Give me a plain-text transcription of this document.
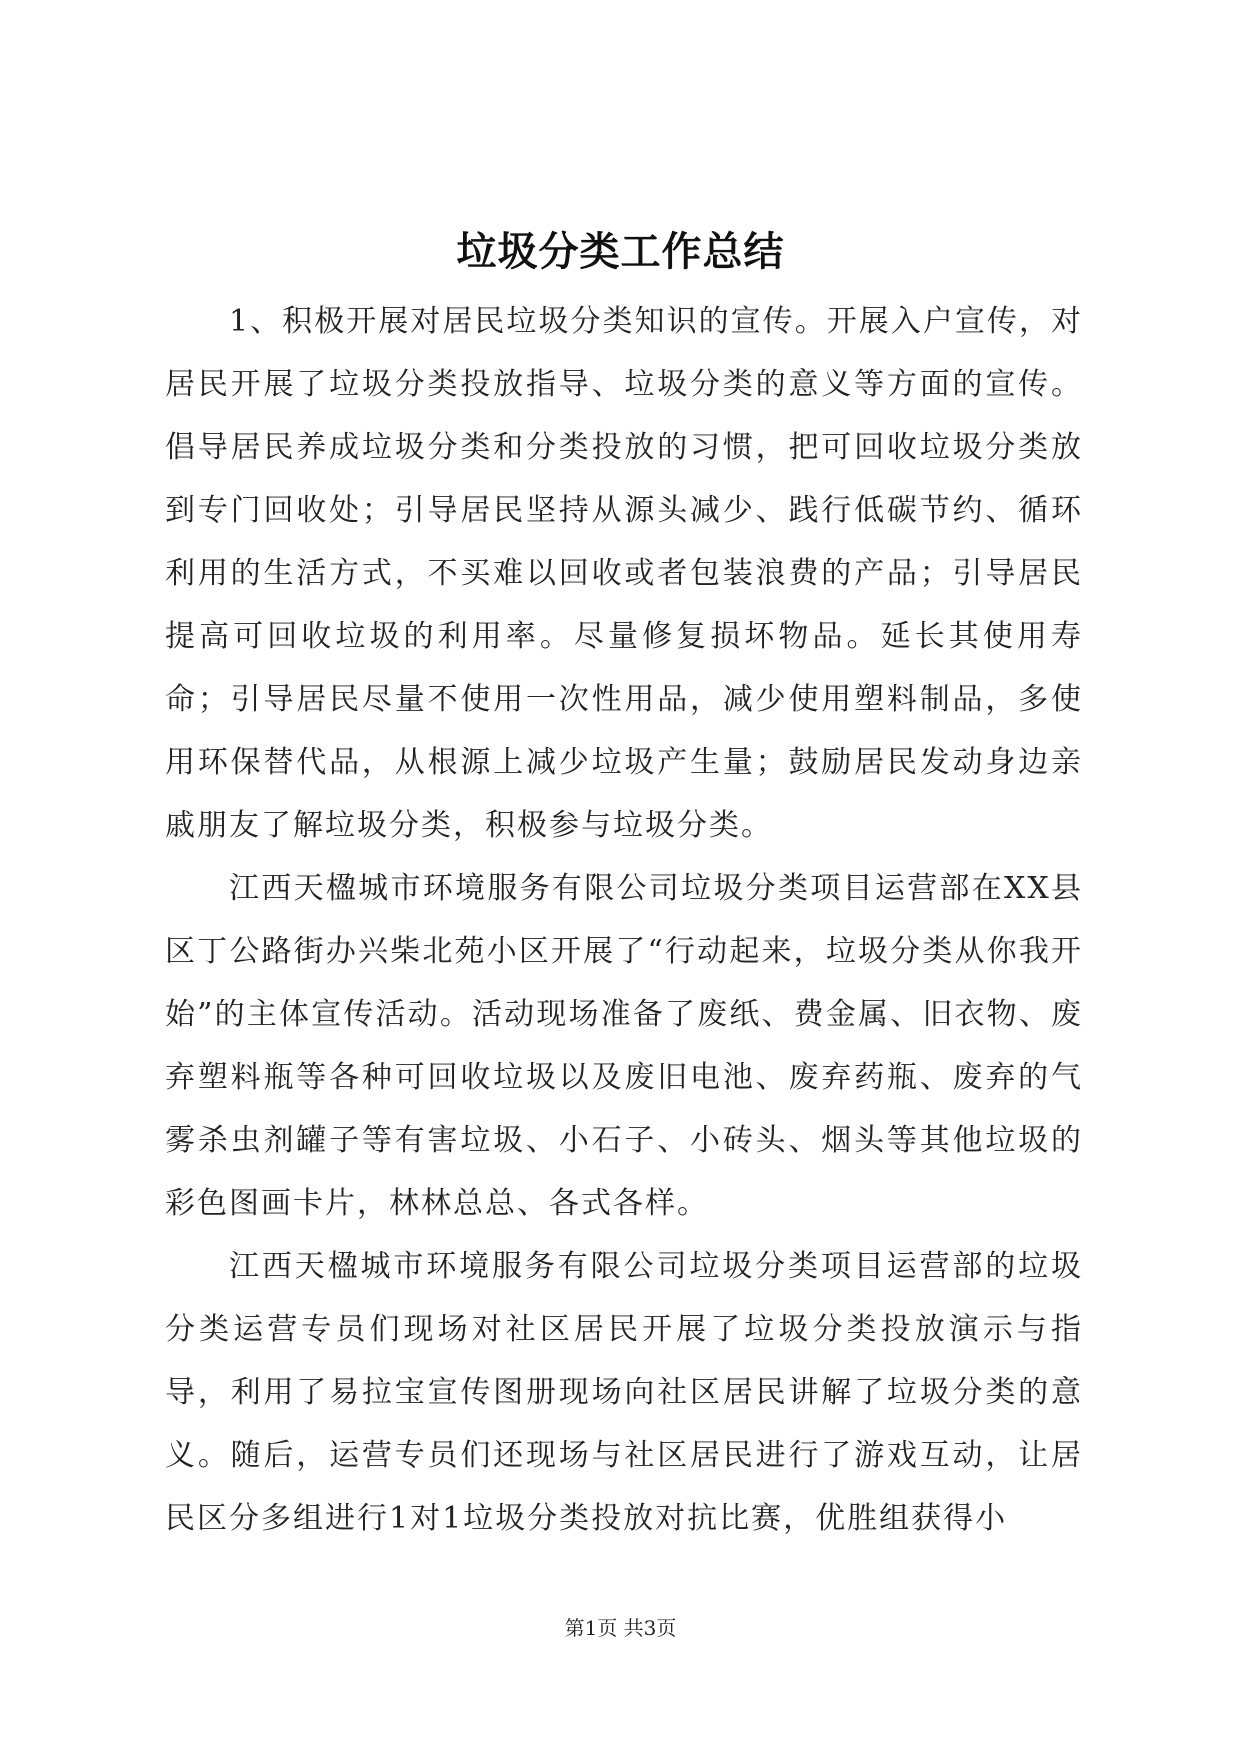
垃圾分类工作总结

1、积极开展对居民垃圾分类知识的宣传。开展入户宣传，对居民开展了垃圾分类投放指导、垃圾分类的意义等方面的宣传。倡导居民养成垃圾分类和分类投放的习惯，把可回收垃圾分类放到专门回收处；引导居民坚持从源头减少、践行低碳节约、循环利用的生活方式，不买难以回收或者包装浪费的产品；引导居民提高可回收垃圾的利用率。尽量修复损坏物品。延长其使用寿命；引导居民尽量不使用一次性用品，减少使用塑料制品，多使用环保替代品，从根源上减少垃圾产生量；鼓励居民发动身边亲戚朋友了解垃圾分类，积极参与垃圾分类。

江西天楹城市环境服务有限公司垃圾分类项目运营部在XX县区丁公路街办兴柴北苑小区开展了“行动起来，垃圾分类从你我开始”的主体宣传活动。活动现场准备了废纸、费金属、旧衣物、废弃塑料瓶等各种可回收垃圾以及废旧电池、废弃药瓶、废弃的气雾杀虫剂罐子等有害垃圾、小石子、小砖头、烟头等其他垃圾的彩色图画卡片，林林总总、各式各样。

江西天楹城市环境服务有限公司垃圾分类项目运营部的垃圾分类运营专员们现场对社区居民开展了垃圾分类投放演示与指导，利用了易拉宝宣传图册现场向社区居民讲解了垃圾分类的意义。随后，运营专员们还现场与社区居民进行了游戏互动，让居民区分多组进行1对1垃圾分类投放对抗比赛，优胜组获得小

第1页 共3页
